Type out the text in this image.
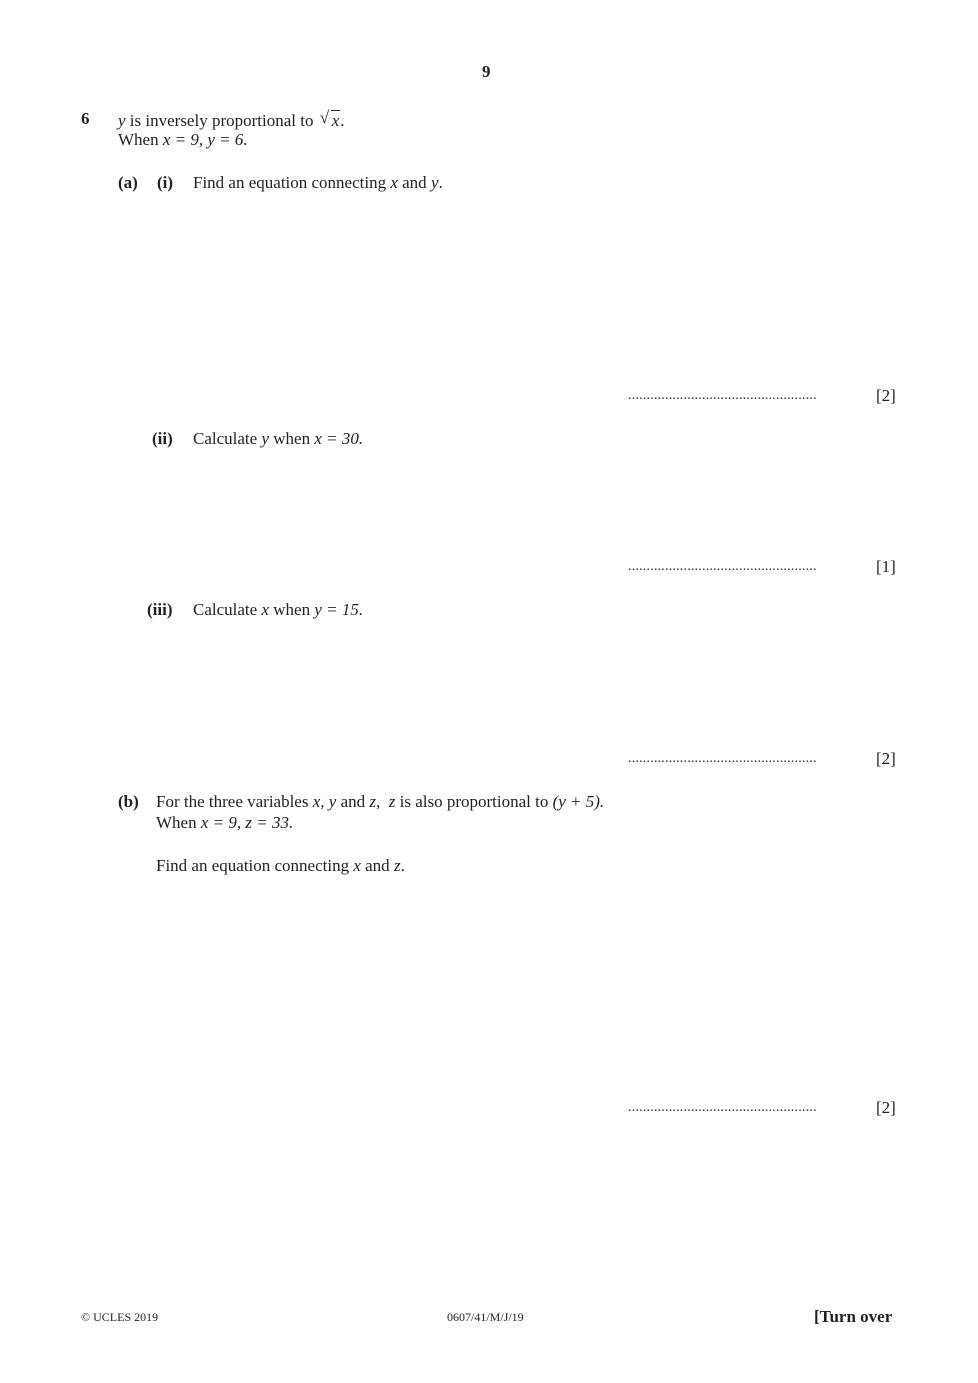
9
6 y is inversely proportional to √ x.
When x = 9, y = 6.
(a) (i) Find an equation connecting x and y.
...................................................	[2]
(ii) Calculate y when x = 30.
...................................................	[1]
(iii) Calculate x when y = 15.
...................................................	[2]
(b) For the three variables x, y and z, z is also proportional to (y + 5).
When x = 9, z = 33.
Find an equation connecting x and z.
...................................................	[2]
© UCLES 2019	0607/41/M/J/19	[Turn over
